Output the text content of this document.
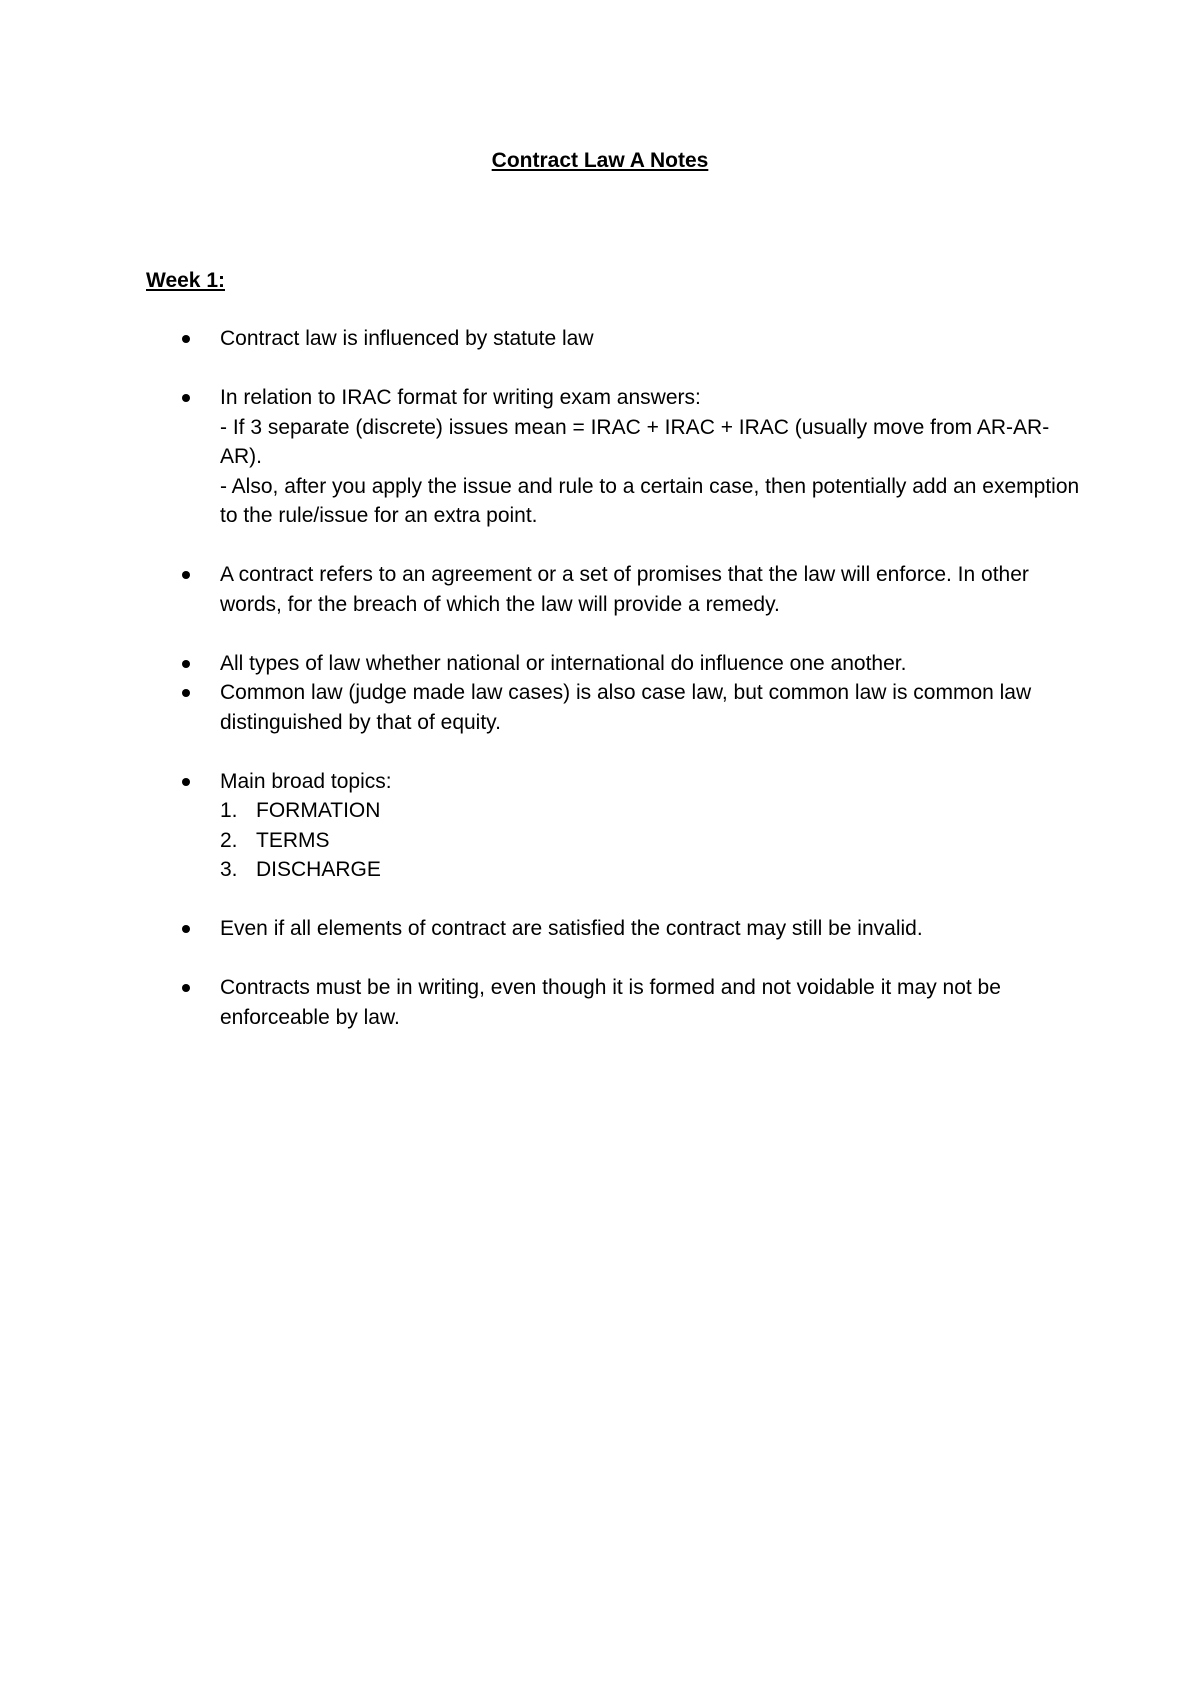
Contract Law A Notes
Week 1:
Contract law is influenced by statute law
In relation to IRAC format for writing exam answers:
- If 3 separate (discrete) issues mean = IRAC + IRAC + IRAC (usually move from AR-AR-AR).
- Also, after you apply the issue and rule to a certain case, then potentially add an exemption to the rule/issue for an extra point.
A contract refers to an agreement or a set of promises that the law will enforce. In other words, for the breach of which the law will provide a remedy.
All types of law whether national or international do influence one another.
Common law (judge made law cases) is also case law, but common law is common law distinguished by that of equity.
Main broad topics:
1. FORMATION
2. TERMS
3. DISCHARGE
Even if all elements of contract are satisfied the contract may still be invalid.
Contracts must be in writing, even though it is formed and not voidable it may not be enforceable by law.
